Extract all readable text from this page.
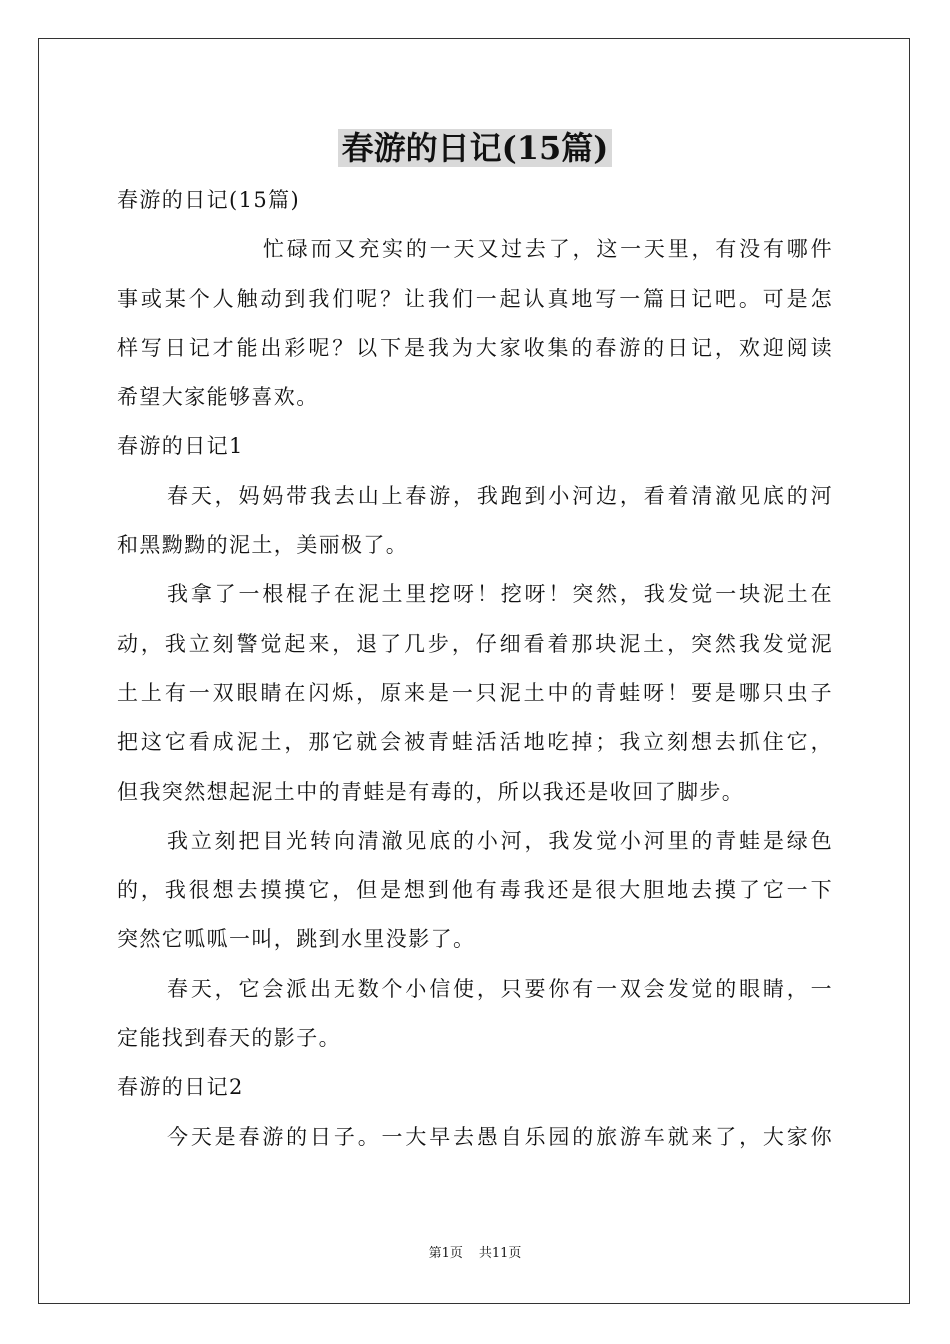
春游的日记(15篇)
春游的日记(15篇)
忙碌而又充实的一天又过去了，这一天里，有没有哪件
事或某个人触动到我们呢？让我们一起认真地写一篇日记吧。可是怎
样写日记才能出彩呢？以下是我为大家收集的春游的日记，欢迎阅读
希望大家能够喜欢。
春游的日记1
春天，妈妈带我去山上春游，我跑到小河边，看着清澈见底的河
和黑黝黝的泥土，美丽极了。
我拿了一根棍子在泥土里挖呀！挖呀！突然，我发觉一块泥土在
动，我立刻警觉起来，退了几步，仔细看着那块泥土，突然我发觉泥
土上有一双眼睛在闪烁，原来是一只泥土中的青蛙呀！要是哪只虫子
把这它看成泥土，那它就会被青蛙活活地吃掉；我立刻想去抓住它，
但我突然想起泥土中的青蛙是有毒的，所以我还是收回了脚步。
我立刻把目光转向清澈见底的小河，我发觉小河里的青蛙是绿色
的，我很想去摸摸它，但是想到他有毒我还是很大胆地去摸了它一下
突然它呱呱一叫，跳到水里没影了。
春天，它会派出无数个小信使，只要你有一双会发觉的眼睛，一
定能找到春天的影子。
春游的日记2
今天是春游的日子。一大早去愚自乐园的旅游车就来了，大家你
第1页 共11页
